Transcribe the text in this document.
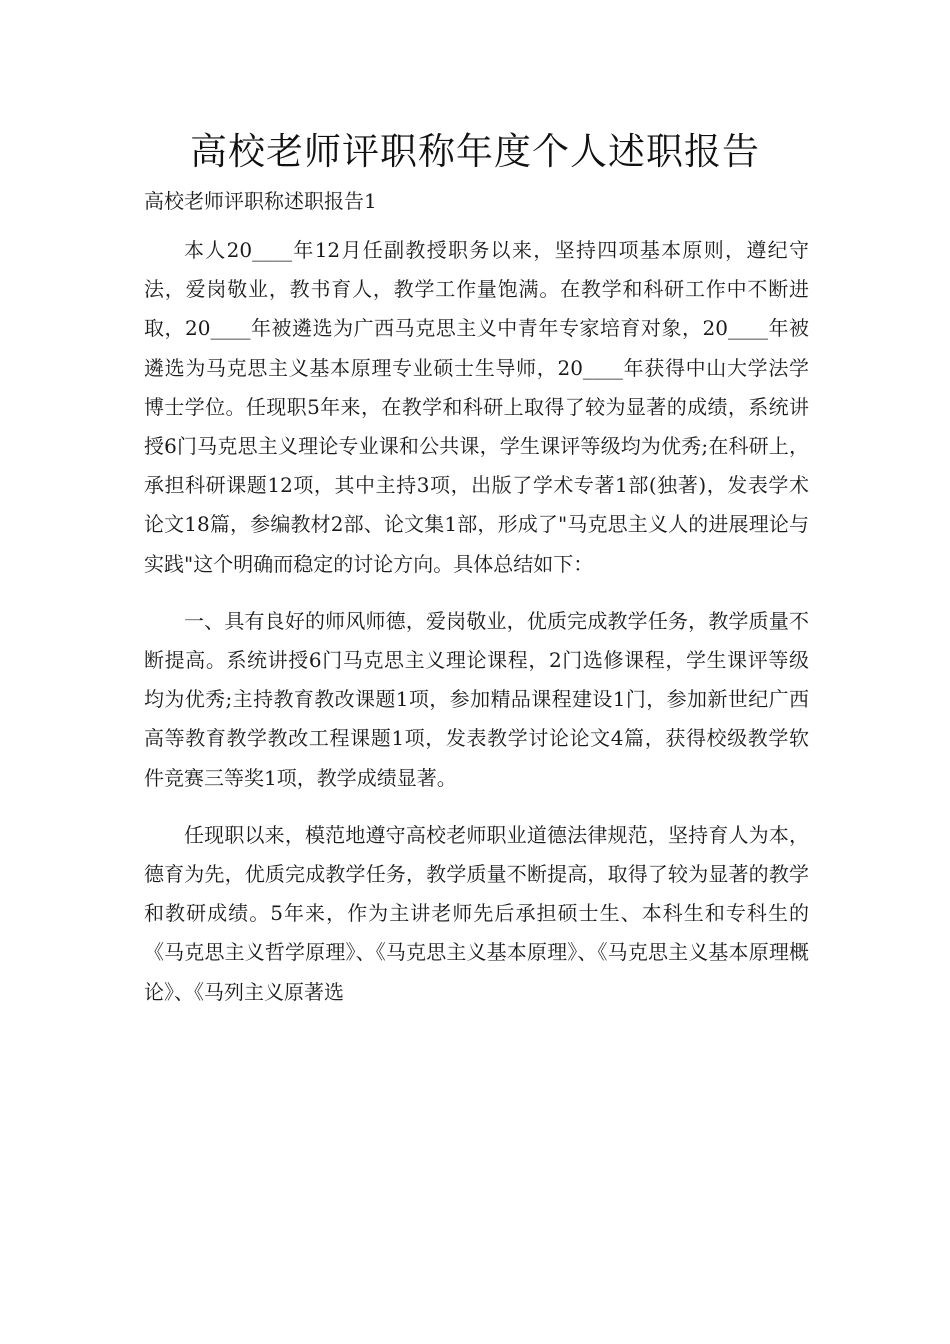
高校老师评职称年度个人述职报告

高校老师评职称述职报告1

本人20____年12月任副教授职务以来，坚持四项基本原则，遵纪守法，爱岗敬业，教书育人，教学工作量饱满。在教学和科研工作中不断进取，20____年被遴选为广西马克思主义中青年专家培育对象，20____年被遴选为马克思主义基本原理专业硕士生导师，20____年获得中山大学法学博士学位。任现职5年来，在教学和科研上取得了较为显著的成绩，系统讲授6门马克思主义理论专业课和公共课，学生课评等级均为优秀;在科研上，承担科研课题12项，其中主持3项，出版了学术专著1部(独著)，发表学术论文18篇，参编教材2部、论文集1部，形成了"马克思主义人的进展理论与实践"这个明确而稳定的讨论方向。具体总结如下：

一、具有良好的师风师德，爱岗敬业，优质完成教学任务，教学质量不断提高。系统讲授6门马克思主义理论课程，2门选修课程，学生课评等级均为优秀;主持教育教改课题1项，参加精品课程建设1门，参加新世纪广西高等教育教学教改工程课题1项，发表教学讨论论文4篇，获得校级教学软件竞赛三等奖1项，教学成绩显著。

任现职以来，模范地遵守高校老师职业道德法律规范，坚持育人为本，德育为先，优质完成教学任务，教学质量不断提高，取得了较为显著的教学和教研成绩。5年来，作为主讲老师先后承担硕士生、本科生和专科生的《马克思主义哲学原理》、《马克思主义基本原理》、《马克思主义基本原理概论》、《马列主义原著选
